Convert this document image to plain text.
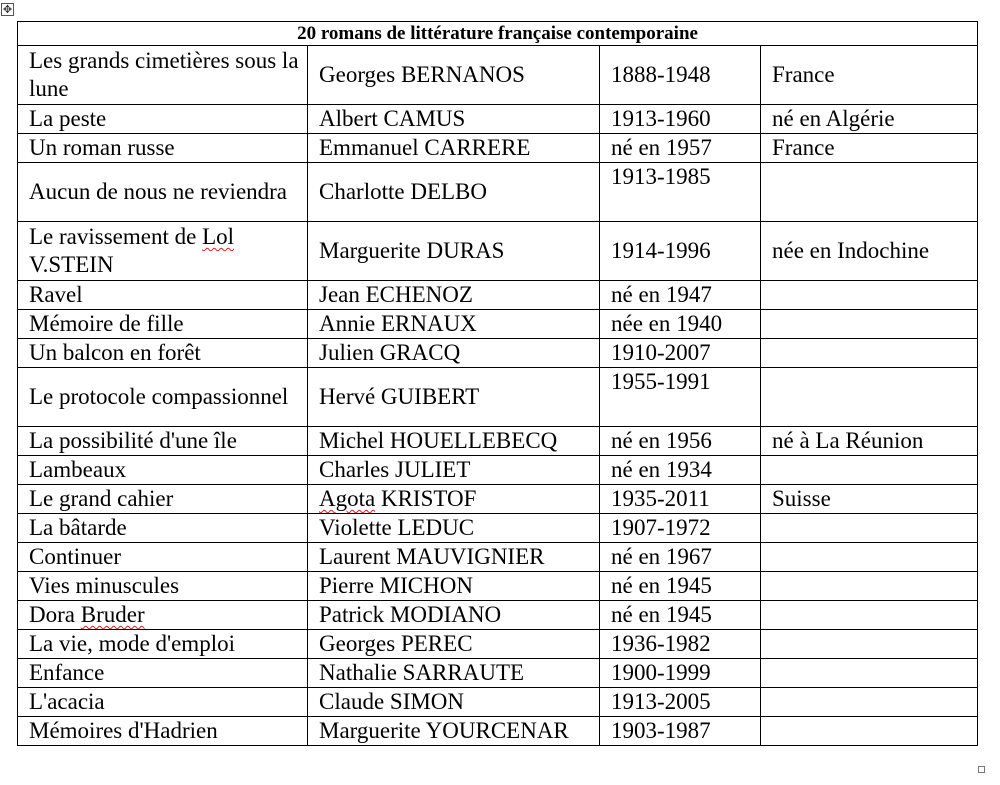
✥
20 romans de littérature française contemporaine			
Les grands cimetières sous la lune	Georges BERNANOS	1888-1948	France
La peste	Albert CAMUS	1913-1960	né en Algérie
Un roman russe	Emmanuel CARRERE	né en 1957	France
Aucun de nous ne reviendra	Charlotte DELBO	1913-1985	
Le ravissement de Lol V.STEIN	Marguerite DURAS	1914-1996	née en Indochine
Ravel	Jean ECHENOZ	né en 1947	
Mémoire de fille	Annie ERNAUX	née en 1940	
Un balcon en forêt	Julien GRACQ	1910-2007	
Le protocole compassionnel	Hervé GUIBERT	1955-1991	
La possibilité d'une île	Michel HOUELLEBECQ	né en 1956	né à La Réunion
Lambeaux	Charles JULIET	né en 1934	
Le grand cahier	Agota KRISTOF	1935-2011	Suisse
La bâtarde	Violette LEDUC	1907-1972	
Continuer	Laurent MAUVIGNIER	né en 1967	
Vies minuscules	Pierre MICHON	né en 1945	
Dora Bruder	Patrick MODIANO	né en 1945	
La vie, mode d'emploi	Georges PEREC	1936-1982	
Enfance	Nathalie SARRAUTE	1900-1999	
L'acacia	Claude SIMON	1913-2005	
Mémoires d'Hadrien	Marguerite YOURCENAR	1903-1987	
